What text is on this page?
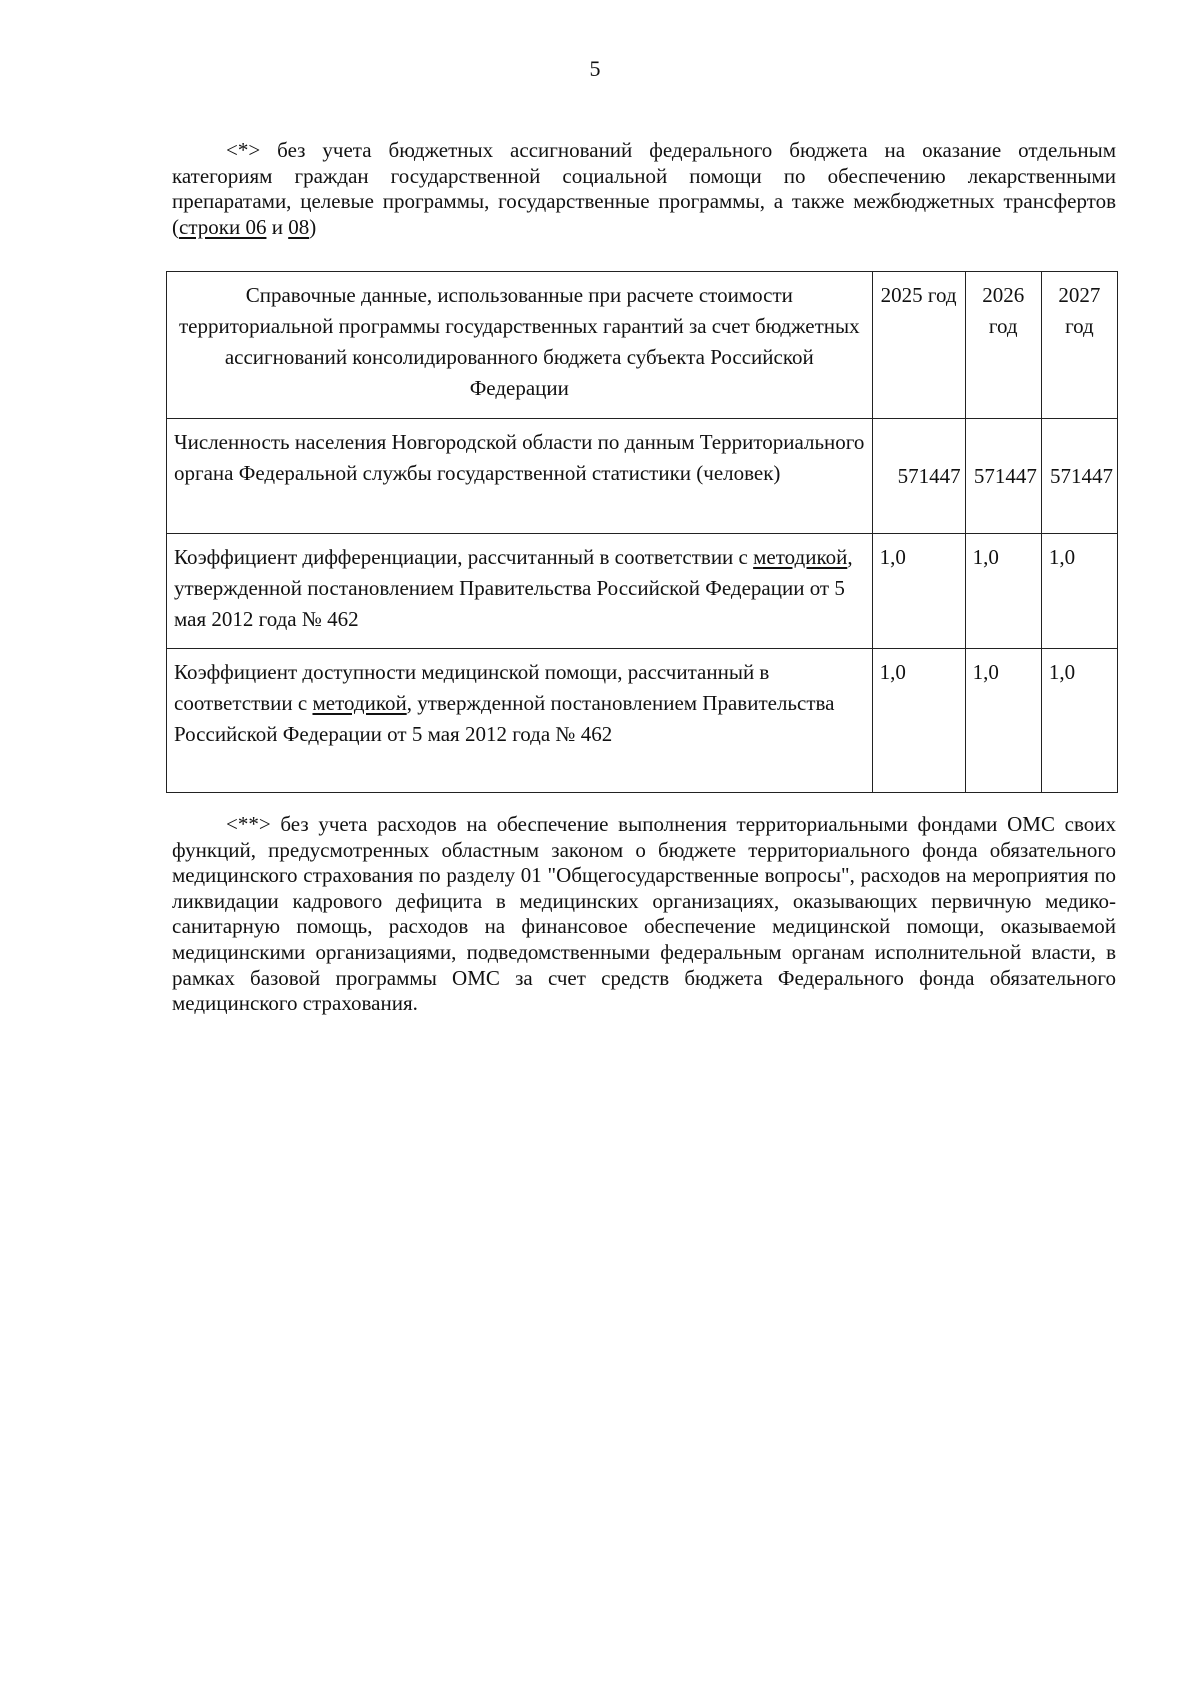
5

<*> без учета бюджетных ассигнований федерального бюджета на оказание отдельным категориям граждан государственной социальной помощи по обеспечению лекарственными препаратами, целевые программы, государственные программы, а также межбюджетных трансфертов (строки 06 и 08)

Справочные данные, использованные при расчете стоимости территориальной программы государственных гарантий за счет бюджетных ассигнований консолидированного бюджета субъекта Российской Федерации	2025 год	2026 год	2027 год
Численность населения Новгородской области по данным Территориального органа Федеральной службы государственной статистики (человек)	571447	571447	571447
Коэффициент дифференциации, рассчитанный в соответствии с методикой, утвержденной постановлением Правительства Российской Федерации от 5 мая 2012 года № 462	1,0	1,0	1,0
Коэффициент доступности медицинской помощи, рассчитанный в соответствии с методикой, утвержденной постановлением Правительства Российской Федерации от 5 мая 2012 года № 462	1,0	1,0	1,0

<**> без учета расходов на обеспечение выполнения территориальными фондами ОМС своих функций, предусмотренных областным законом о бюджете территориального фонда обязательного медицинского страхования по разделу 01 "Общегосударственные вопросы", расходов на мероприятия по ликвидации кадрового дефицита в медицинских организациях, оказывающих первичную медико-санитарную помощь, расходов на финансовое обеспечение медицинской помощи, оказываемой медицинскими организациями, подведомственными федеральным органам исполнительной власти, в рамках базовой программы ОМС за счет средств бюджета Федерального фонда обязательного медицинского страхования.
